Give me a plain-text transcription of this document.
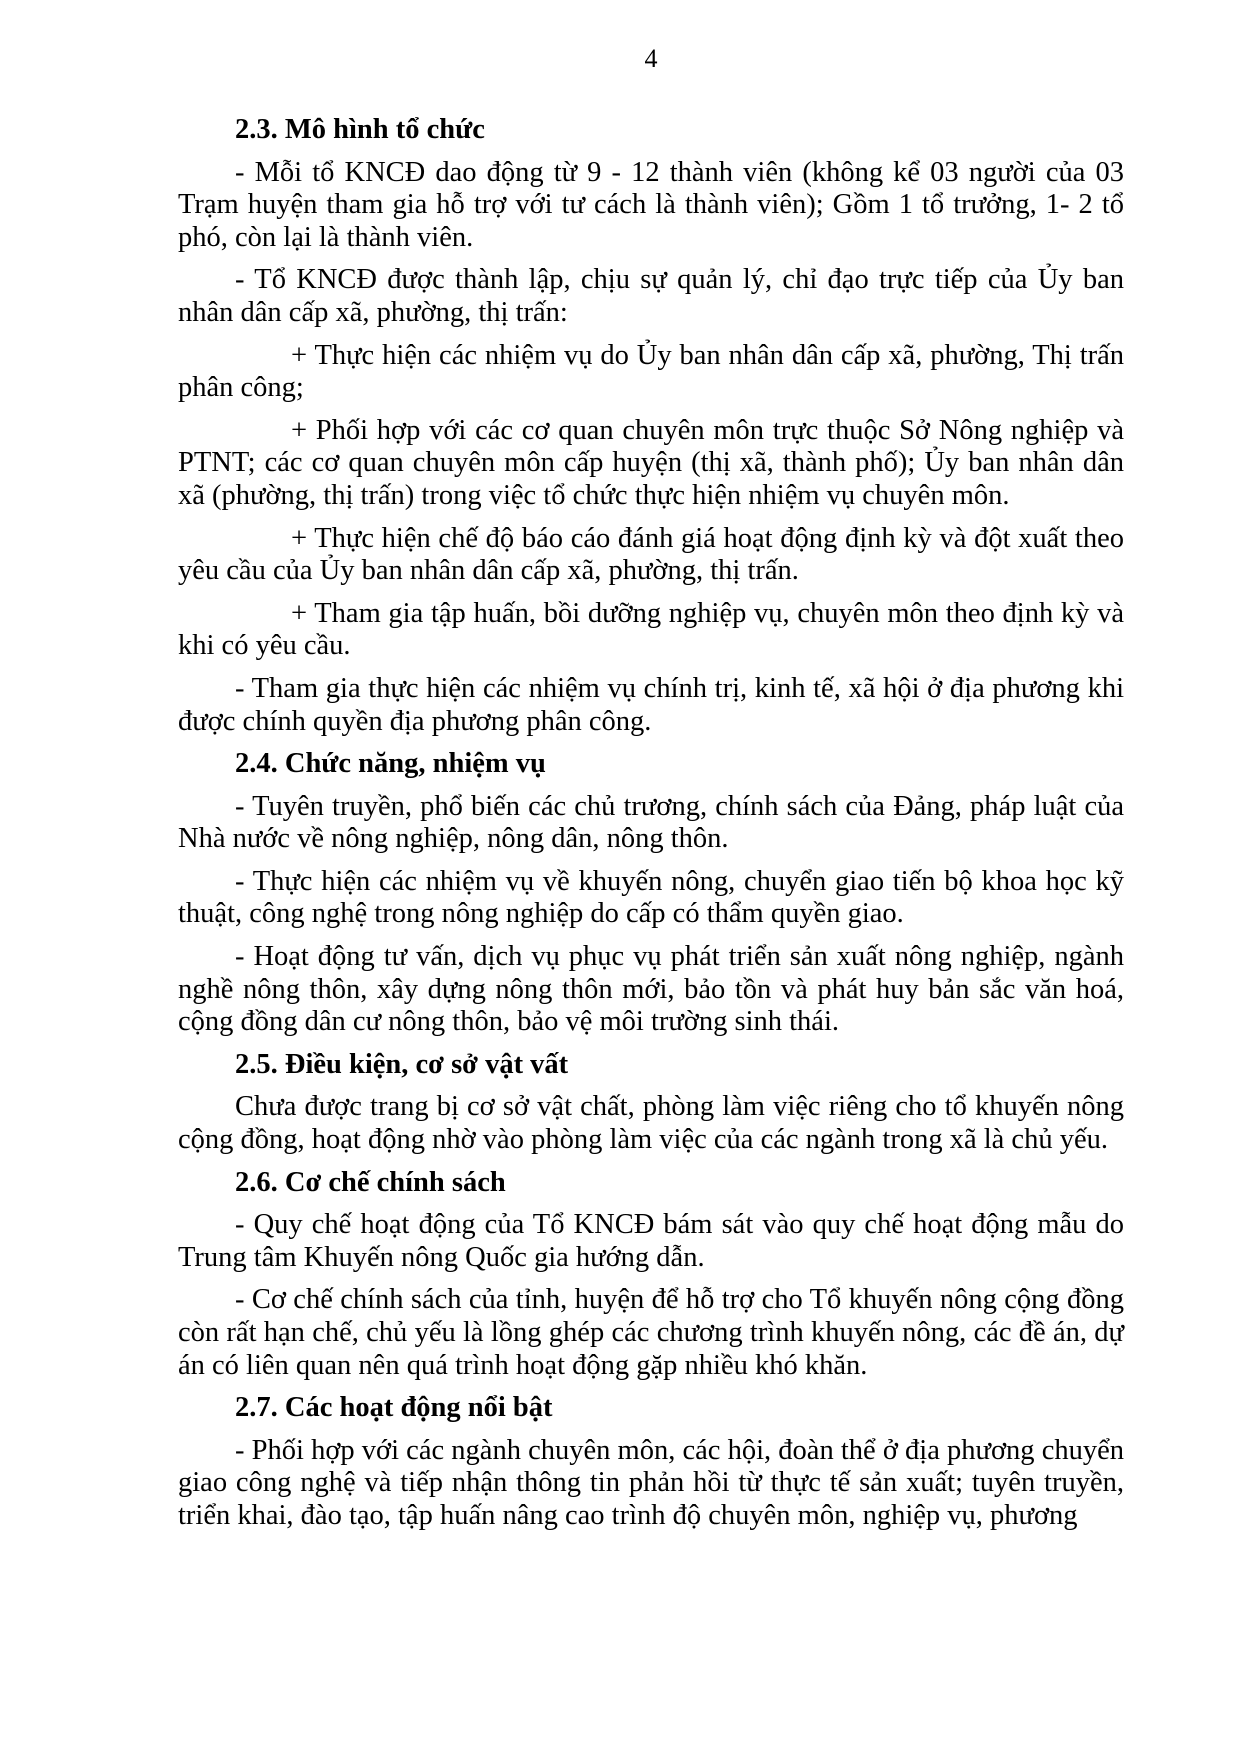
4
2.3. Mô hình tổ chức

- Mỗi tổ KNCĐ dao động từ 9 - 12 thành viên (không kể 03 người của 03 Trạm huyện tham gia hỗ trợ với tư cách là thành viên); Gồm 1 tổ trưởng, 1- 2 tổ phó, còn lại là thành viên.

- Tổ KNCĐ được thành lập, chịu sự quản lý, chỉ đạo trực tiếp của Ủy ban nhân dân cấp xã, phường, thị trấn:

+ Thực hiện các nhiệm vụ do Ủy ban nhân dân cấp xã, phường, Thị trấn phân công;

+ Phối hợp với các cơ quan chuyên môn trực thuộc Sở Nông nghiệp và PTNT; các cơ quan chuyên môn cấp huyện (thị xã, thành phố); Ủy ban nhân dân xã (phường, thị trấn) trong việc tổ chức thực hiện nhiệm vụ chuyên môn.

+ Thực hiện chế độ báo cáo đánh giá hoạt động định kỳ và đột xuất theo yêu cầu của Ủy ban nhân dân cấp xã, phường, thị trấn.

+ Tham gia tập huấn, bồi dưỡng nghiệp vụ, chuyên môn theo định kỳ và khi có yêu cầu.

- Tham gia thực hiện các nhiệm vụ chính trị, kinh tế, xã hội ở địa phương khi được chính quyền địa phương phân công.

2.4. Chức năng, nhiệm vụ

- Tuyên truyền, phổ biến các chủ trương, chính sách của Đảng, pháp luật của Nhà nước về nông nghiệp, nông dân, nông thôn.

- Thực hiện các nhiệm vụ về khuyến nông, chuyển giao tiến bộ khoa học kỹ thuật, công nghệ trong nông nghiệp do cấp có thẩm quyền giao.

- Hoạt động tư vấn, dịch vụ phục vụ phát triển sản xuất nông nghiệp, ngành nghề nông thôn, xây dựng nông thôn mới, bảo tồn và phát huy bản sắc văn hoá, cộng đồng dân cư nông thôn, bảo vệ môi trường sinh thái.

2.5. Điều kiện, cơ sở vật vất

Chưa được trang bị cơ sở vật chất, phòng làm việc riêng cho tổ khuyến nông cộng đồng, hoạt động nhờ vào phòng làm việc của các ngành trong xã là chủ yếu.

2.6. Cơ chế chính sách

- Quy chế hoạt động của Tổ KNCĐ bám sát vào quy chế hoạt động mẫu do Trung tâm Khuyến nông Quốc gia hướng dẫn.

- Cơ chế chính sách của tỉnh, huyện để hỗ trợ cho Tổ khuyến nông cộng đồng còn rất hạn chế, chủ yếu là lồng ghép các chương trình khuyến nông, các đề án, dự án có liên quan nên quá trình hoạt động gặp nhiều khó khăn.

2.7. Các hoạt động nổi bật

- Phối hợp với các ngành chuyên môn, các hội, đoàn thể ở địa phương chuyển giao công nghệ và tiếp nhận thông tin phản hồi từ thực tế sản xuất; tuyên truyền, triển khai, đào tạo, tập huấn nâng cao trình độ chuyên môn, nghiệp vụ, phương
